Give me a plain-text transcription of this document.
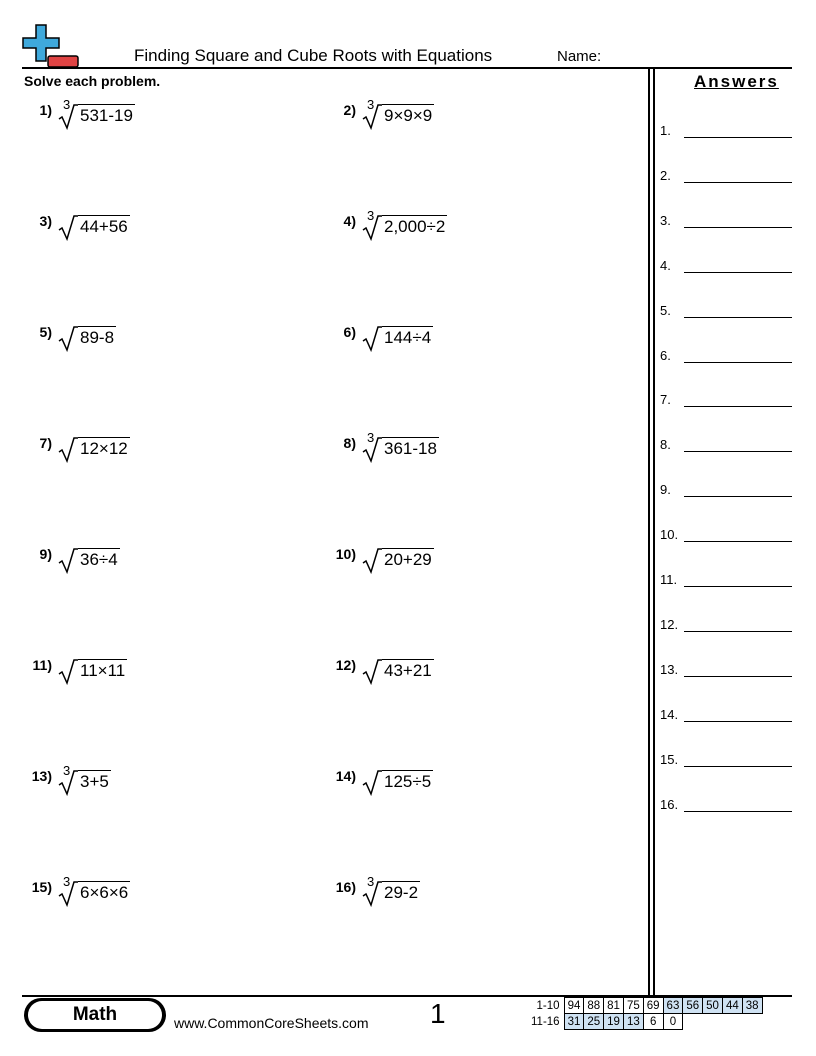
Finding Square and Cube Roots with Equations	Name:
Solve each problem.	Answers
1) 3
531-19	2) 3
9×9×9
3) 44+56	4) 3
2,000÷2
5) 89-8	6) 144÷4
7) 12×12	8) 3
361-18
9) 36÷4	10) 20+29
11) 11×11	12) 43+21
13) 3
3+5	14) 125÷5
15) 3
6×6×6	16) 3
29-2
1.
2.
3.
4.
5.
6.
7.
8.
9.
10.
11.
12.
13.
14.
15.
16.
Math	www.CommonCoreSheets.com 1	1-10	94	88	81	75	69	63	56	50	44	38
11-16	31	25	19	13	6	0				
